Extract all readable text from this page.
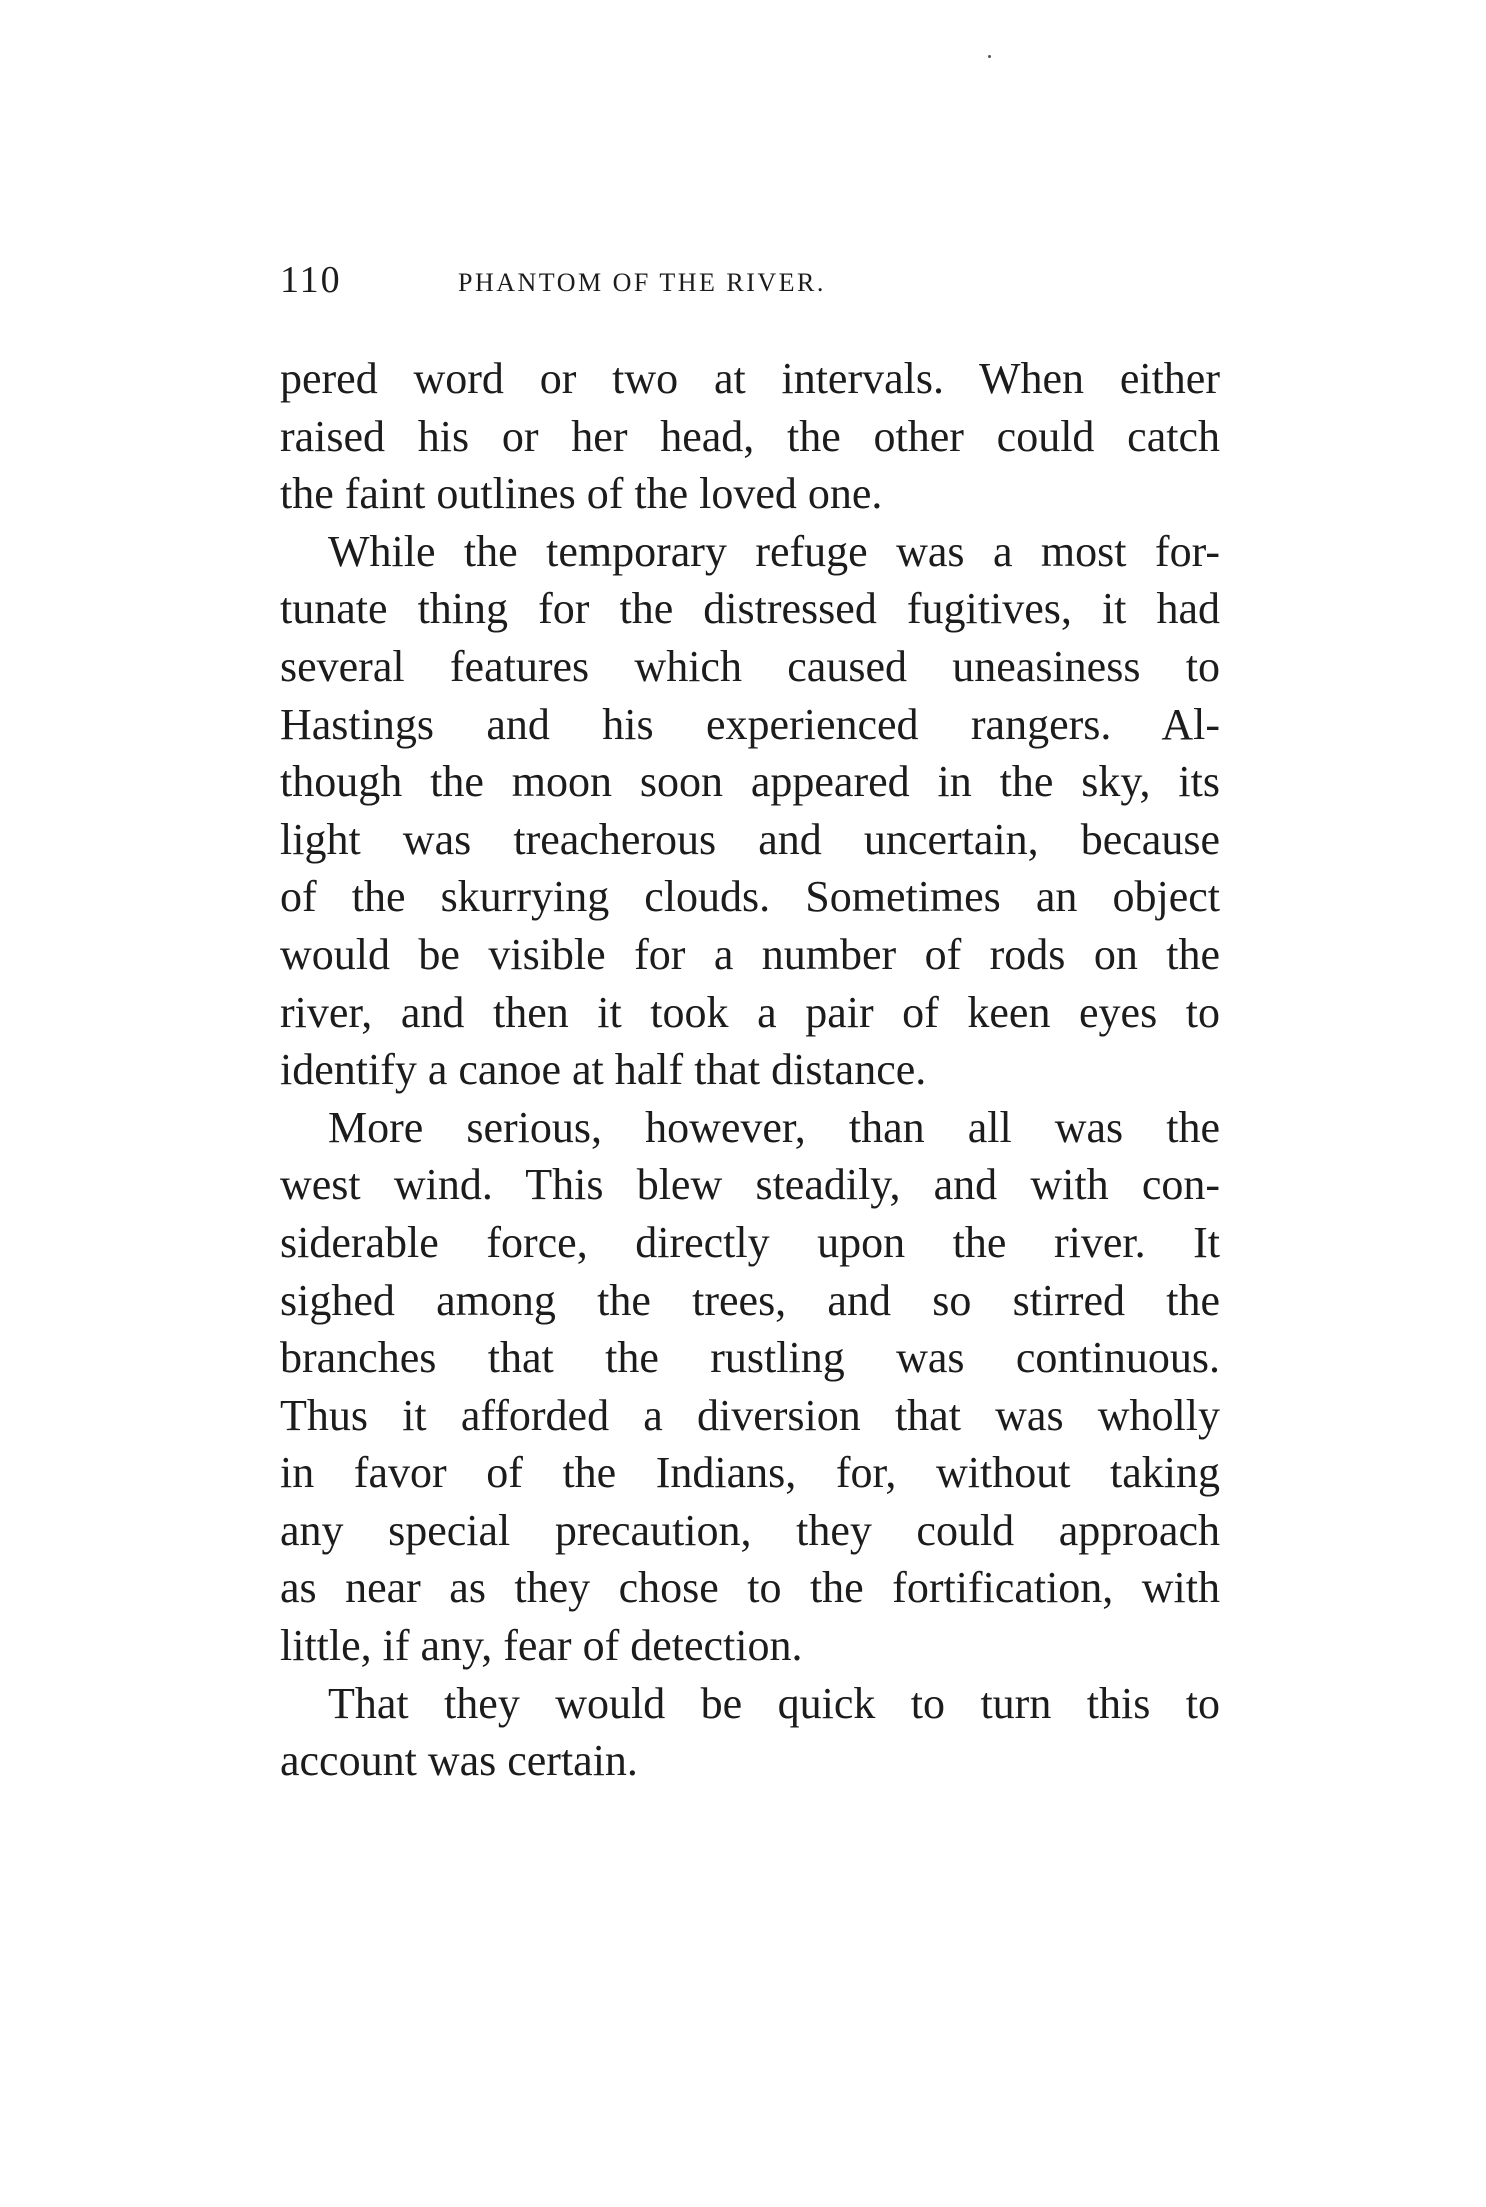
110	PHANTOM OF THE RIVER.
pered word or two at intervals. When either
raised his or her head, the other could catch
the faint outlines of the loved one.
While the temporary refuge was a most for-
tunate thing for the distressed fugitives, it had
several features which caused uneasiness to
Hastings and his experienced rangers. Al-
though the moon soon appeared in the sky, its
light was treacherous and uncertain, because
of the skurrying clouds. Sometimes an object
would be visible for a number of rods on the
river, and then it took a pair of keen eyes to
identify a canoe at half that distance.
More serious, however, than all was the
west wind. This blew steadily, and with con-
siderable force, directly upon the river. It
sighed among the trees, and so stirred the
branches that the rustling was continuous.
Thus it afforded a diversion that was wholly
in favor of the Indians, for, without taking
any special precaution, they could approach
as near as they chose to the fortification, with
little, if any, fear of detection.
That they would be quick to turn this to
account was certain.
